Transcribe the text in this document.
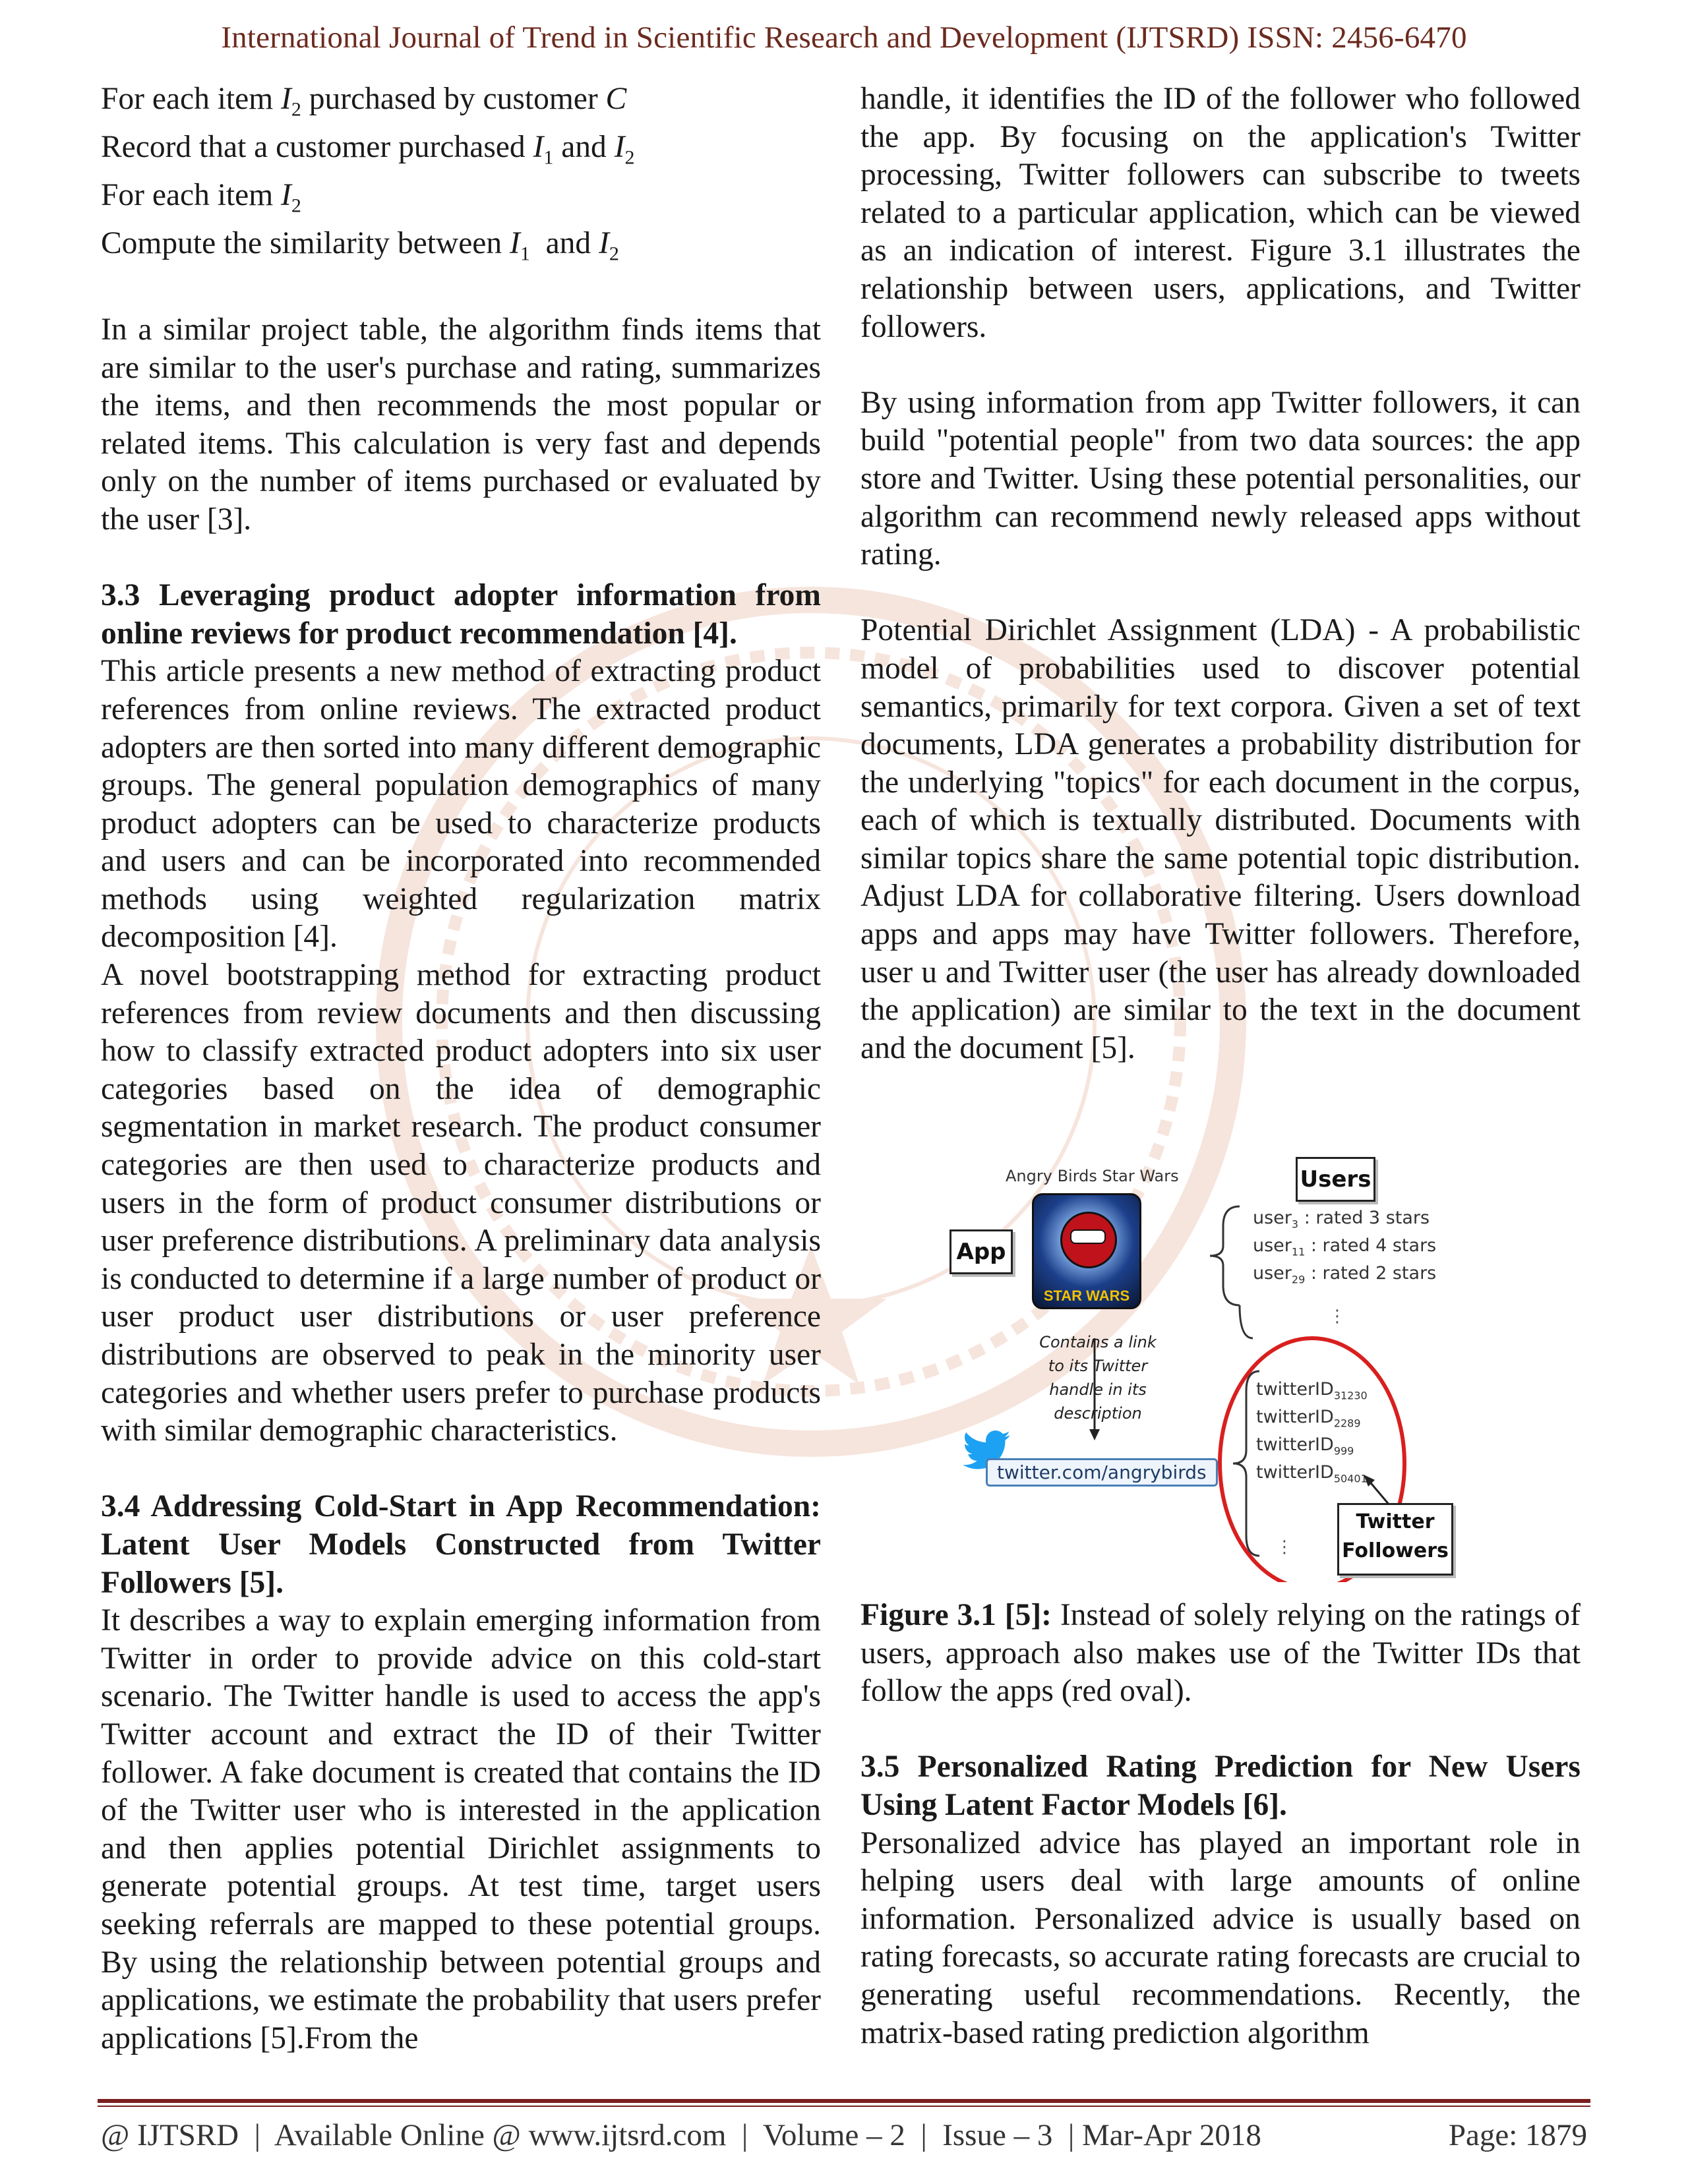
International Journal of Trend in Scientific Research and Development (IJTSRD) ISSN: 2456-6470
For each item $I_2$ purchased by customer C
Record that a customer purchased $I_1$ and $I_2$
For each item $I_2$
Compute the similarity between $I_1$  and $I_2$

In a similar project table, the algorithm finds items that are similar to the user's purchase and rating, summarizes the items, and then recommends the most popular or related items. This calculation is very fast and depends only on the number of items purchased or evaluated by the user [3].

3.3 Leveraging product adopter information from online reviews for product recommendation [4].

This article presents a new method of extracting product references from online reviews. The extracted product adopters are then sorted into many different demographic groups. The general population demographics of many product adopters can be used to characterize products and users and can be incorporated into recommended methods using weighted regularization matrix decomposition [4].

A novel bootstrapping method for extracting product references from review documents and then discussing how to classify extracted product adopters into six user categories based on the idea of demographic segmentation in market research. The product consumer categories are then used to characterize products and users in the form of product consumer distributions or user preference distributions. A preliminary data analysis is conducted to determine if a large number of product or user product user distributions or user preference distributions are observed to peak in the minority user categories and whether users prefer to purchase products with similar demographic characteristics.

3.4 Addressing Cold-Start in App Recommendation: Latent User Models Constructed from Twitter Followers [5].

It describes a way to explain emerging information from Twitter in order to provide advice on this cold-start scenario. The Twitter handle is used to access the app's Twitter account and extract the ID of their Twitter follower. A fake document is created that contains the ID of the Twitter user who is interested in the application and then applies potential Dirichlet assignments to generate potential groups. At test time, target users seeking referrals are mapped to these potential groups. By using the relationship between potential groups and applications, we estimate the probability that users prefer applications [5].From the

handle, it identifies the ID of the follower who followed the app. By focusing on the application's Twitter processing, Twitter followers can subscribe to tweets related to a particular application, which can be viewed as an indication of interest. Figure 3.1 illustrates the relationship between users, applications, and Twitter followers.

By using information from app Twitter followers, it can build "potential people" from two data sources: the app store and Twitter. Using these potential personalities, our algorithm can recommend newly released apps without rating.

Potential Dirichlet Assignment (LDA) - A probabilistic model of probabilities used to discover potential semantics, primarily for text corpora. Given a set of text documents, LDA generates a probability distribution for the underlying "topics" for each document in the corpus, each of which is textually distributed. Documents with similar topics share the same potential topic distribution. Adjust LDA for collaborative filtering. Users download apps and apps may have Twitter followers. Therefore, user u and Twitter user (the user has already downloaded the application) are similar to the text in the document and the document [5].

⋮
⋮
Angry Birds Star Wars
App
STAR WARS
Users
user$_3$ : rated 3 stars
user$_{11}$ : rated 4 stars
user$_{29}$ : rated 2 stars
Contains a link to its Twitter handle in its description
twitter.com/angrybirds
twitterID$_{31230}$
twitterID$_{2289}$
twitterID$_{999}$
twitterID$_{50401}$
Twitter
Followers

Figure 3.1 [5]: Instead of solely relying on the ratings of users, approach also makes use of the Twitter IDs that follow the apps (red oval).

3.5 Personalized Rating Prediction for New Users Using Latent Factor Models [6].

Personalized advice has played an important role in helping users deal with large amounts of online information. Personalized advice is usually based on rating forecasts, so accurate rating forecasts are crucial to generating useful recommendations. Recently, the matrix-based rating prediction algorithm

@ IJTSRD  |  Available Online @ www.ijtsrd.com  |  Volume – 2  |  Issue – 3  | Mar-Apr 2018	Page: 1879
